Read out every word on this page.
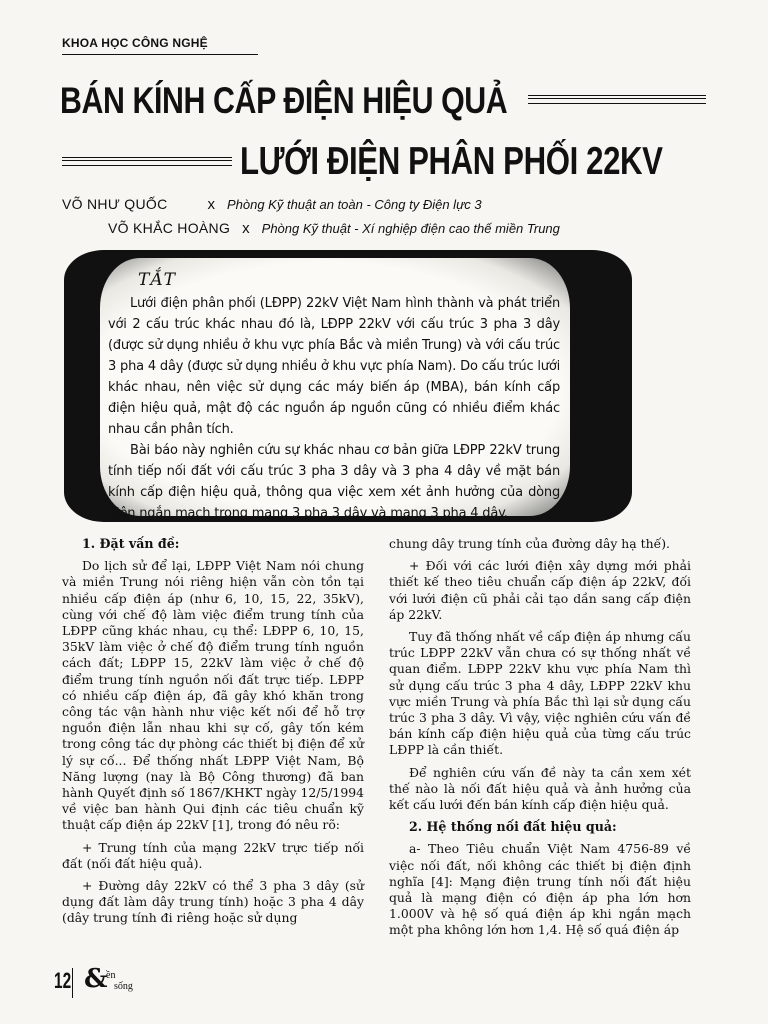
KHOA HỌC CÔNG NGHỆ
BÁN KÍNH CẤP ĐIỆN HIỆU QUẢ
LƯỚI ĐIỆN PHÂN PHỐI 22KV
VÕ NHƯ QUỐC	x Phòng Kỹ thuật an toàn - Công ty Điện lực 3
VÕ KHẮC HOÀNG x Phòng Kỹ thuật - Xí nghiệp điện cao thế miền Trung
TẮT

Lưới điện phân phối (LĐPP) 22kV Việt Nam hình thành và phát triển với 2 cấu trúc khác nhau đó là, LĐPP 22kV với cấu trúc 3 pha 3 dây (được sử dụng nhiều ở khu vực phía Bắc và miền Trung) và với cấu trúc 3 pha 4 dây (được sử dụng nhiều ở khu vực phía Nam). Do cấu trúc lưới khác nhau, nên việc sử dụng các máy biến áp (MBA), bán kính cấp điện hiệu quả, mật độ các nguồn áp nguồn cũng có nhiều điểm khác nhau cần phân tích.

Bài báo này nghiên cứu sự khác nhau cơ bản giữa LĐPP 22kV trung tính tiếp nối đất với cấu trúc 3 pha 3 dây và 3 pha 4 dây về mặt bán kính cấp điện hiệu quả, thông qua việc xem xét ảnh hưởng của dòng điện ngắn mạch trong mạng 3 pha 3 dây và mạng 3 pha 4 dây.

1. Đặt vấn đề:

Do lịch sử để lại, LĐPP Việt Nam nói chung và miền Trung nói riêng hiện vẫn còn tồn tại nhiều cấp điện áp (như 6, 10, 15, 22, 35kV), cùng với chế độ làm việc điểm trung tính của LĐPP cũng khác nhau, cụ thể: LĐPP 6, 10, 15, 35kV làm việc ở chế độ điểm trung tính nguồn cách đất; LĐPP 15, 22kV làm việc ở chế độ điểm trung tính nguồn nối đất trực tiếp. LĐPP có nhiều cấp điện áp, đã gây khó khăn trong công tác vận hành như việc kết nối để hỗ trợ nguồn điện lẫn nhau khi sự cố, gây tốn kém trong công tác dự phòng các thiết bị điện để xử lý sự cố... Để thống nhất LĐPP Việt Nam, Bộ Năng lượng (nay là Bộ Công thương) đã ban hành Quyết định số 1867/KHKT ngày 12/5/1994 về việc ban hành Qui định các tiêu chuẩn kỹ thuật cấp điện áp 22kV [1], trong đó nêu rõ:

+ Trung tính của mạng 22kV trực tiếp nối đất (nối đất hiệu quả).

+ Đường dây 22kV có thể 3 pha 3 dây (sử dụng đất làm dây trung tính) hoặc 3 pha 4 dây (dây trung tính đi riêng hoặc sử dụng

chung dây trung tính của đường dây hạ thế).

+ Đối với các lưới điện xây dựng mới phải thiết kế theo tiêu chuẩn cấp điện áp 22kV, đối với lưới điện cũ phải cải tạo dần sang cấp điện áp 22kV.

Tuy đã thống nhất về cấp điện áp nhưng cấu trúc LĐPP 22kV vẫn chưa có sự thống nhất về quan điểm. LĐPP 22kV khu vực phía Nam thì sử dụng cấu trúc 3 pha 4 dây, LĐPP 22kV khu vực miền Trung và phía Bắc thì lại sử dụng cấu trúc 3 pha 3 dây. Vì vậy, việc nghiên cứu vấn đề bán kính cấp điện hiệu quả của từng cấu trúc LĐPP là cần thiết.

Để nghiên cứu vấn đề này ta cần xem xét thế nào là nối đất hiệu quả và ảnh hưởng của kết cấu lưới đến bán kính cấp điện hiệu quả.

2. Hệ thống nối đất hiệu quả:

a- Theo Tiêu chuẩn Việt Nam 4756-89 về việc nối đất, nối không các thiết bị điện định nghĩa [4]: Mạng điện trung tính nối đất hiệu quả là mạng điện có điện áp pha lớn hơn 1.000V và hệ số quá điện áp khi ngắn mạch một pha không lớn hơn 1,4. Hệ số quá điện áp

12 &
ền
sống
